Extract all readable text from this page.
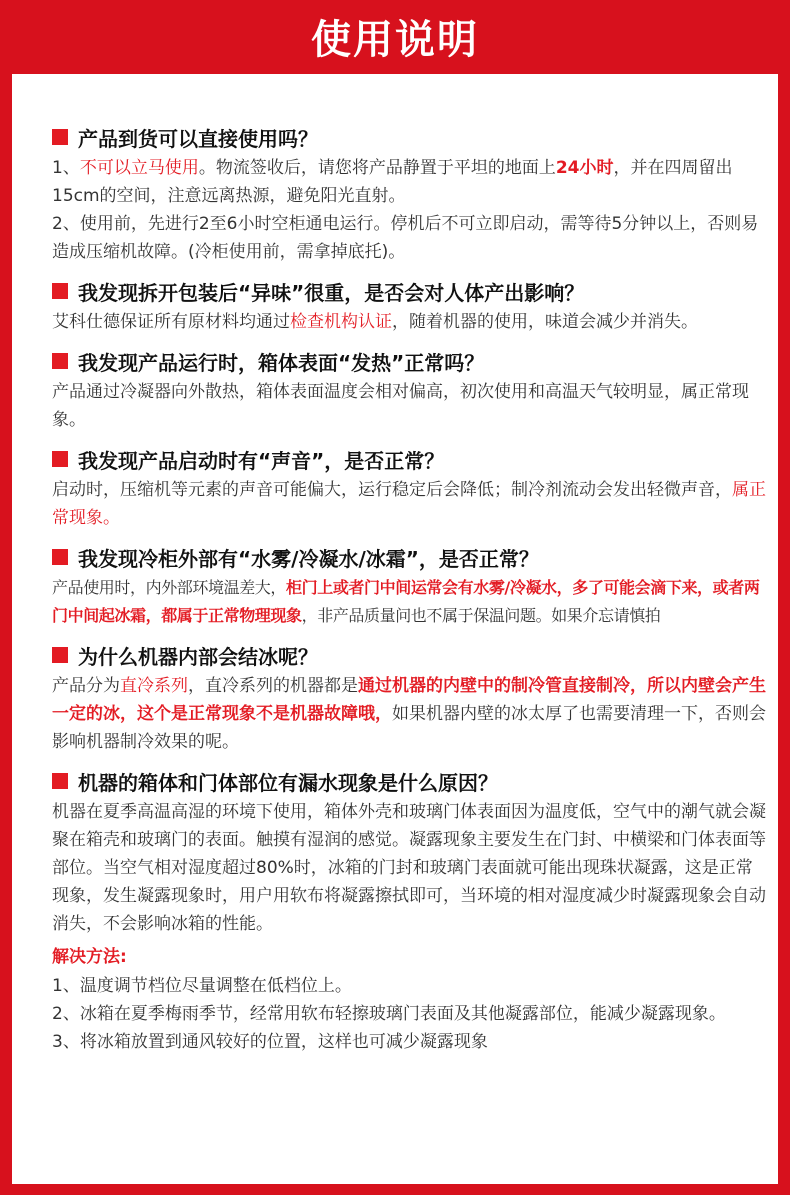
使用说明
产品到货可以直接使用吗？
1、不可以立马使用。物流签收后，请您将产品静置于平坦的地面上24小时，并在四周留出15cm的空间，注意远离热源，避免阳光直射。
2、使用前，先进行2至6小时空柜通电运行。停机后不可立即启动，需等待5分钟以上，否则易造成压缩机故障。(冷柜使用前，需拿掉底托)。
我发现拆开包装后“异味”很重，是否会对人体产出影响？
艾科仕德保证所有原材料均通过检查机构认证，随着机器的使用，味道会减少并消失。
我发现产品运行时，箱体表面“发热”正常吗？
产品通过冷凝器向外散热，箱体表面温度会相对偏高，初次使用和高温天气较明显，属正常现象。
我发现产品启动时有“声音”，是否正常？
启动时，压缩机等元素的声音可能偏大，运行稳定后会降低；制冷剂流动会发出轻微声音，属正常现象。
我发现冷柜外部有“水雾/冷凝水/冰霜”，是否正常？
产品使用时，内外部环境温差大，柜门上或者门中间运常会有水雾/冷凝水，多了可能会滴下来，或者两门中间起冰霜，都属于正常物理现象，非产品质量问也不属于保温问题。如果介忘请慎拍
为什么机器内部会结冰呢？
产品分为直冷系列，直冷系列的机器都是通过机器的内壁中的制冷管直接制冷，所以内壁会产生一定的冰，这个是正常现象不是机器故障哦，如果机器内壁的冰太厚了也需要清理一下，否则会影响机器制冷效果的呢。
机器的箱体和门体部位有漏水现象是什么原因？
机器在夏季高温高湿的环境下使用，箱体外壳和玻璃门体表面因为温度低，空气中的潮气就会凝聚在箱壳和玻璃门的表面。触摸有湿润的感觉。凝露现象主要发生在门封、中横梁和门体表面等部位。当空气相对湿度超过80%时，冰箱的门封和玻璃门表面就可能出现珠状凝露，这是正常现象，发生凝露现象时，用户用软布将凝露擦拭即可，当环境的相对湿度减少时凝露现象会自动消失，不会影响冰箱的性能。
解决方法:
1、温度调节档位尽量调整在低档位上。
2、冰箱在夏季梅雨季节，经常用软布轻擦玻璃门表面及其他凝露部位，能减少凝露现象。
3、将冰箱放置到通风较好的位置，这样也可减少凝露现象
